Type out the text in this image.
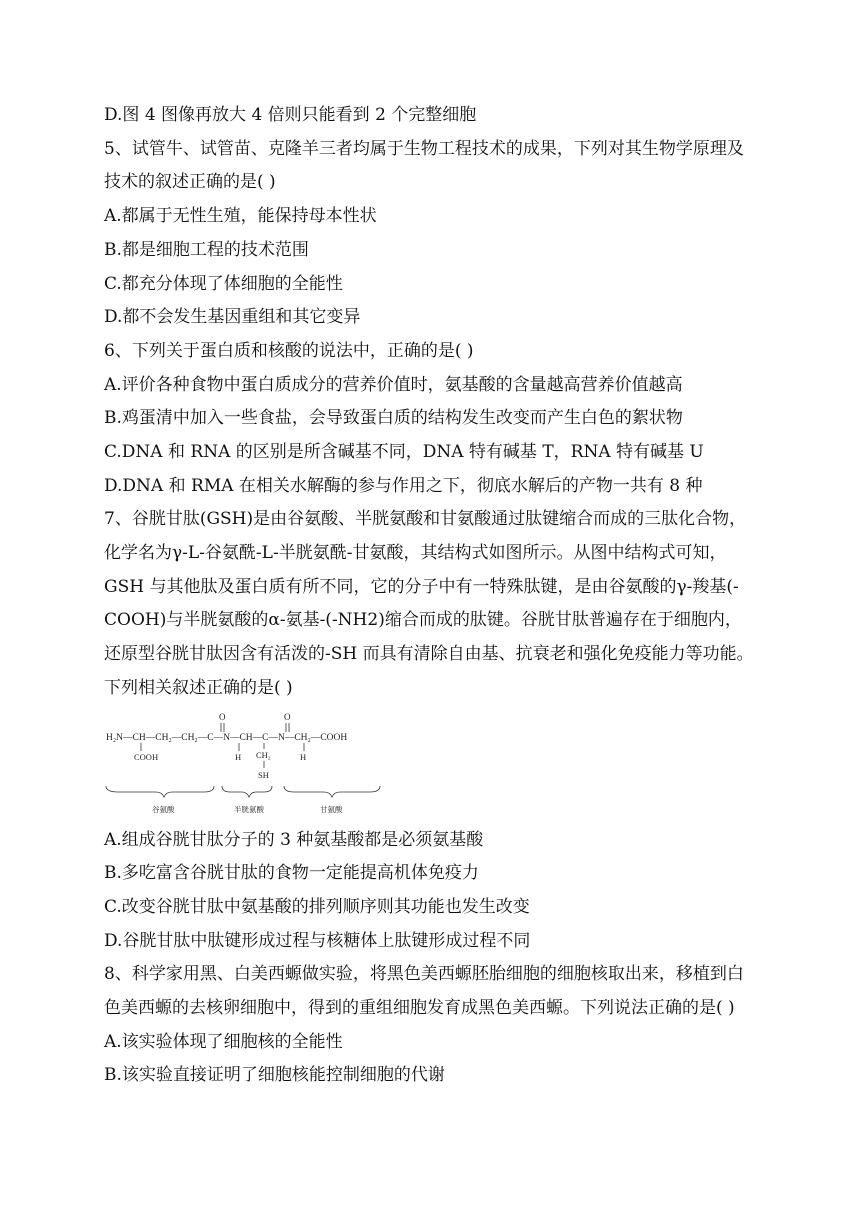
D.图 4 图像再放大 4 倍则只能看到 2 个完整细胞
5、试管牛、试管苗、克隆羊三者均属于生物工程技术的成果，下列对其生物学原理及
技术的叙述正确的是( )
A.都属于无性生殖，能保持母本性状
B.都是细胞工程的技术范围
C.都充分体现了体细胞的全能性
D.都不会发生基因重组和其它变异
6、下列关于蛋白质和核酸的说法中，正确的是( )
A.评价各种食物中蛋白质成分的营养价值时，氨基酸的含量越高营养价值越高
B.鸡蛋清中加入一些食盐，会导致蛋白质的结构发生改变而产生白色的絮状物
C.DNA 和 RNA 的区别是所含碱基不同，DNA 特有碱基 T，RNA 特有碱基 U
D.DNA 和 RMA 在相关水解酶的参与作用之下，彻底水解后的产物一共有 8 种
7、谷胱甘肽(GSH)是由谷氨酸、半胱氨酸和甘氨酸通过肽键缩合而成的三肽化合物，
化学名为γ-L-谷氨酰-L-半胱氨酰-甘氨酸，其结构式如图所示。从图中结构式可知，
GSH 与其他肽及蛋白质有所不同，它的分子中有一特殊肽键，是由谷氨酸的γ-羧基(-
COOH)与半胱氨酸的α-氨基-(-NH2)缩合而成的肽键。谷胱甘肽普遍存在于细胞内，
还原型谷胱甘肽因含有活泼的-SH 而具有清除自由基、抗衰老和强化免疫能力等功能。
下列相关叙述正确的是( )
H₂N—CH—CH₂—CH₂—C—N—CH—C—N—CH₂—COOH
O	O
COOH	H	H
CH₂
SH
谷氨酸	半胱氨酸	甘氨酸
A.组成谷胱甘肽分子的 3 种氨基酸都是必须氨基酸
B.多吃富含谷胱甘肽的食物一定能提高机体免疫力
C.改变谷胱甘肽中氨基酸的排列顺序则其功能也发生改变
D.谷胱甘肽中肽键形成过程与核糖体上肽键形成过程不同
8、科学家用黑、白美西螈做实验，将黑色美西螈胚胎细胞的细胞核取出来，移植到白
色美西螈的去核卵细胞中，得到的重组细胞发育成黑色美西螈。下列说法正确的是( )
A.该实验体现了细胞核的全能性
B.该实验直接证明了细胞核能控制细胞的代谢
